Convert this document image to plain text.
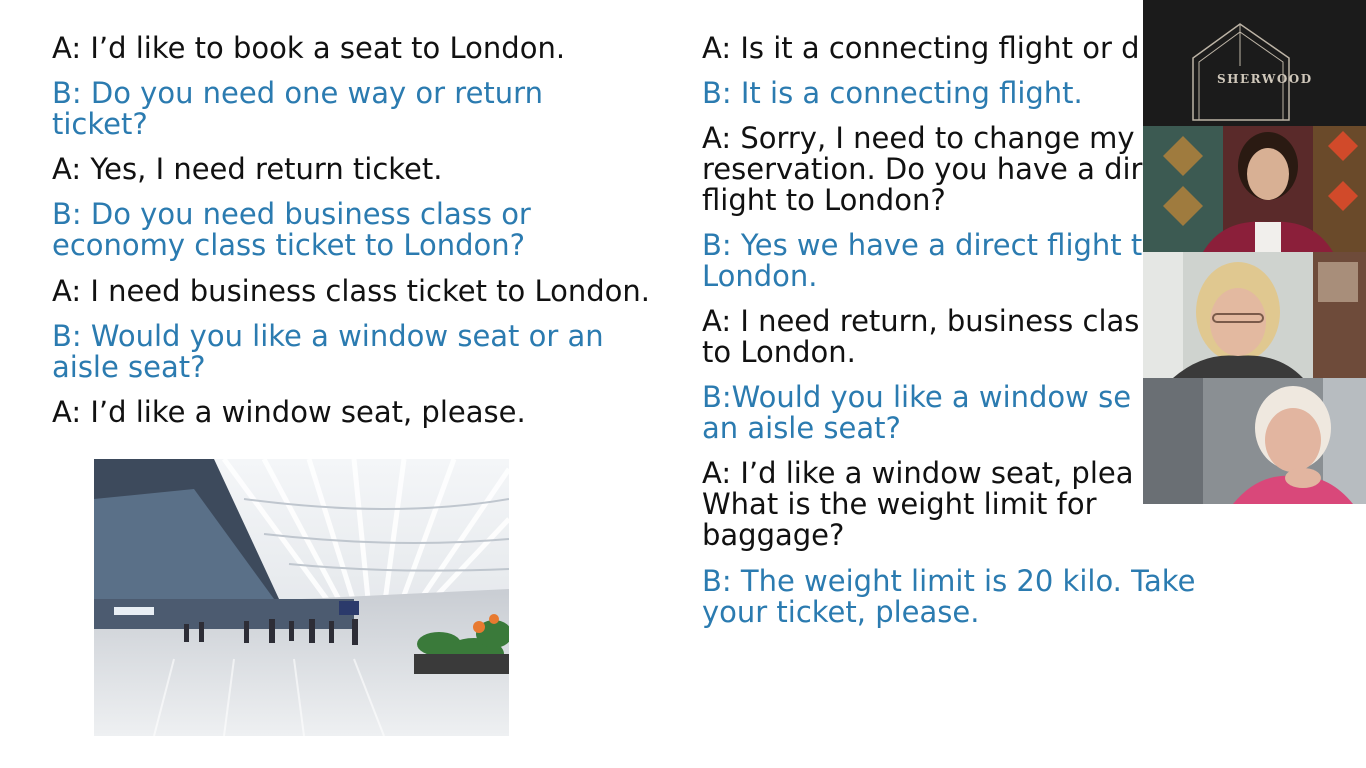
A: I’d like to book a seat to London.
B: Do you need one way or return
ticket?
A: Yes, I need return ticket.
B: Do you need business class or
economy class ticket to London?
A: I need business class ticket to London.
B: Would you like a window seat or an
aisle seat?
A: I’d like a window seat, please.
A: Is it a connecting flight or d
B: It is a connecting flight.
A: Sorry, I need to change my
reservation. Do you have a dir
flight to London?
B: Yes we have a direct flight t
London.
A: I need return, business clas
to London.
B:Would you like a window se
an aisle seat?
A: I’d like a window seat, plea
What is the weight limit for
baggage?
B: The weight limit is 20 kilo. Take
your ticket, please.
SHERWOOD
